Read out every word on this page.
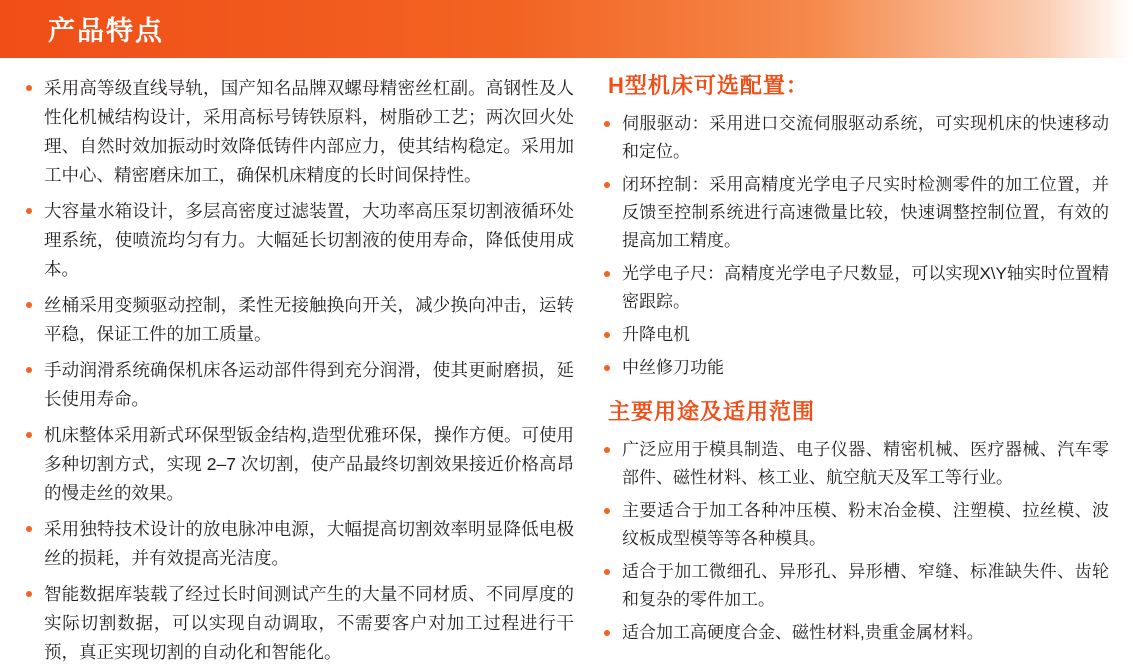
产品特点
采用高等级直线导轨，国产知名品牌双螺母精密丝杠副。高钢性及人性化机械结构设计，采用高标号铸铁原料，树脂砂工艺；两次回火处理、自然时效加振动时效降低铸件内部应力，使其结构稳定。采用加工中心、精密磨床加工，确保机床精度的长时间保持性。
大容量水箱设计，多层高密度过滤装置，大功率高压泵切割液循环处理系统，使喷流均匀有力。大幅延长切割液的使用寿命，降低使用成本。
丝桶采用变频驱动控制，柔性无接触换向开关，减少换向冲击，运转平稳，保证工件的加工质量。
手动润滑系统确保机床各运动部件得到充分润滑，使其更耐磨损，延长使用寿命。
机床整体采用新式环保型钣金结构,造型优雅环保，操作方便。可使用多种切割方式，实现 2–7 次切割，使产品最终切割效果接近价格高昂的慢走丝的效果。
采用独特技术设计的放电脉冲电源，大幅提高切割效率明显降低电极丝的损耗，并有效提高光洁度。
智能数据库装载了经过长时间测试产生的大量不同材质、不同厚度的实际切割数据，可以实现自动调取，不需要客户对加工过程进行干预，真正实现切割的自动化和智能化。
H型机床可选配置：
伺服驱动：采用进口交流伺服驱动系统，可实现机床的快速移动和定位。
闭环控制：采用高精度光学电子尺实时检测零件的加工位置，并反馈至控制系统进行高速微量比较，快速调整控制位置，有效的提高加工精度。
光学电子尺：高精度光学电子尺数显，可以实现X\Y轴实时位置精密跟踪。
升降电机
中丝修刀功能
主要用途及适用范围
广泛应用于模具制造、电子仪器、精密机械、医疗器械、汽车零部件、磁性材料、核工业、航空航天及军工等行业。
主要适合于加工各种冲压模、粉末冶金模、注塑模、拉丝模、波纹板成型模等等各种模具。
适合于加工微细孔、异形孔、异形槽、窄缝、标准缺失件、齿轮和复杂的零件加工。
适合加工高硬度合金、磁性材料,贵重金属材料。
